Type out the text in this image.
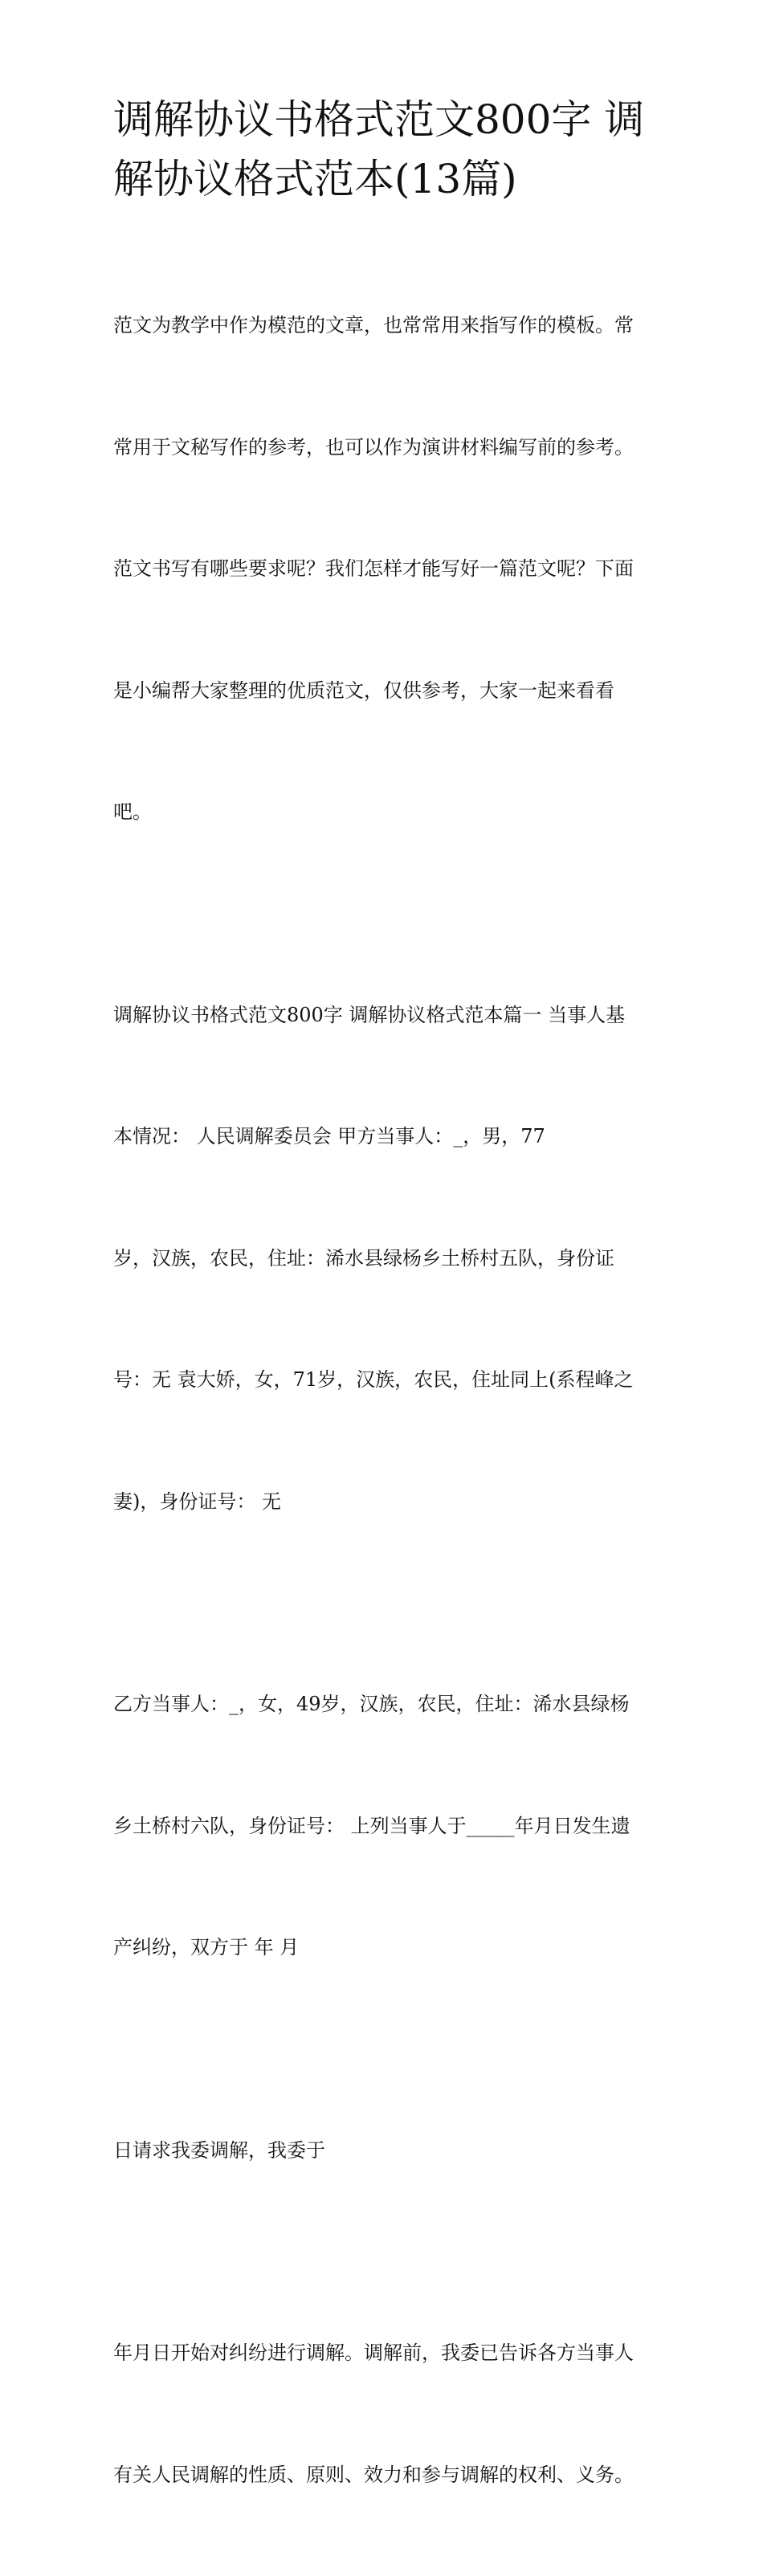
调解协议书格式范文800字 调
解协议格式范本(13篇)

范文为教学中作为模范的文章，也常常用来指写作的模板。常

常用于文秘写作的参考，也可以作为演讲材料编写前的参考。

范文书写有哪些要求呢？我们怎样才能写好一篇范文呢？下面

是小编帮大家整理的优质范文，仅供参考，大家一起来看看

吧。

调解协议书格式范文800字 调解协议格式范本篇一 当事人基

本情况： 人民调解委员会 甲方当事人：_，男，77

岁，汉族，农民，住址：浠水县绿杨乡土桥村五队，身份证

号：无 袁大娇，女，71岁，汉族，农民，住址同上(系程峰之

妻)，身份证号： 无

乙方当事人：_，女，49岁，汉族，农民，住址：浠水县绿杨

乡土桥村六队，身份证号： 上列当事人于_____年月日发生遗

产纠纷，双方于 年 月

日请求我委调解，我委于

年月日开始对纠纷进行调解。调解前，我委已告诉各方当事人

有关人民调解的性质、原则、效力和参与调解的权利、义务。
